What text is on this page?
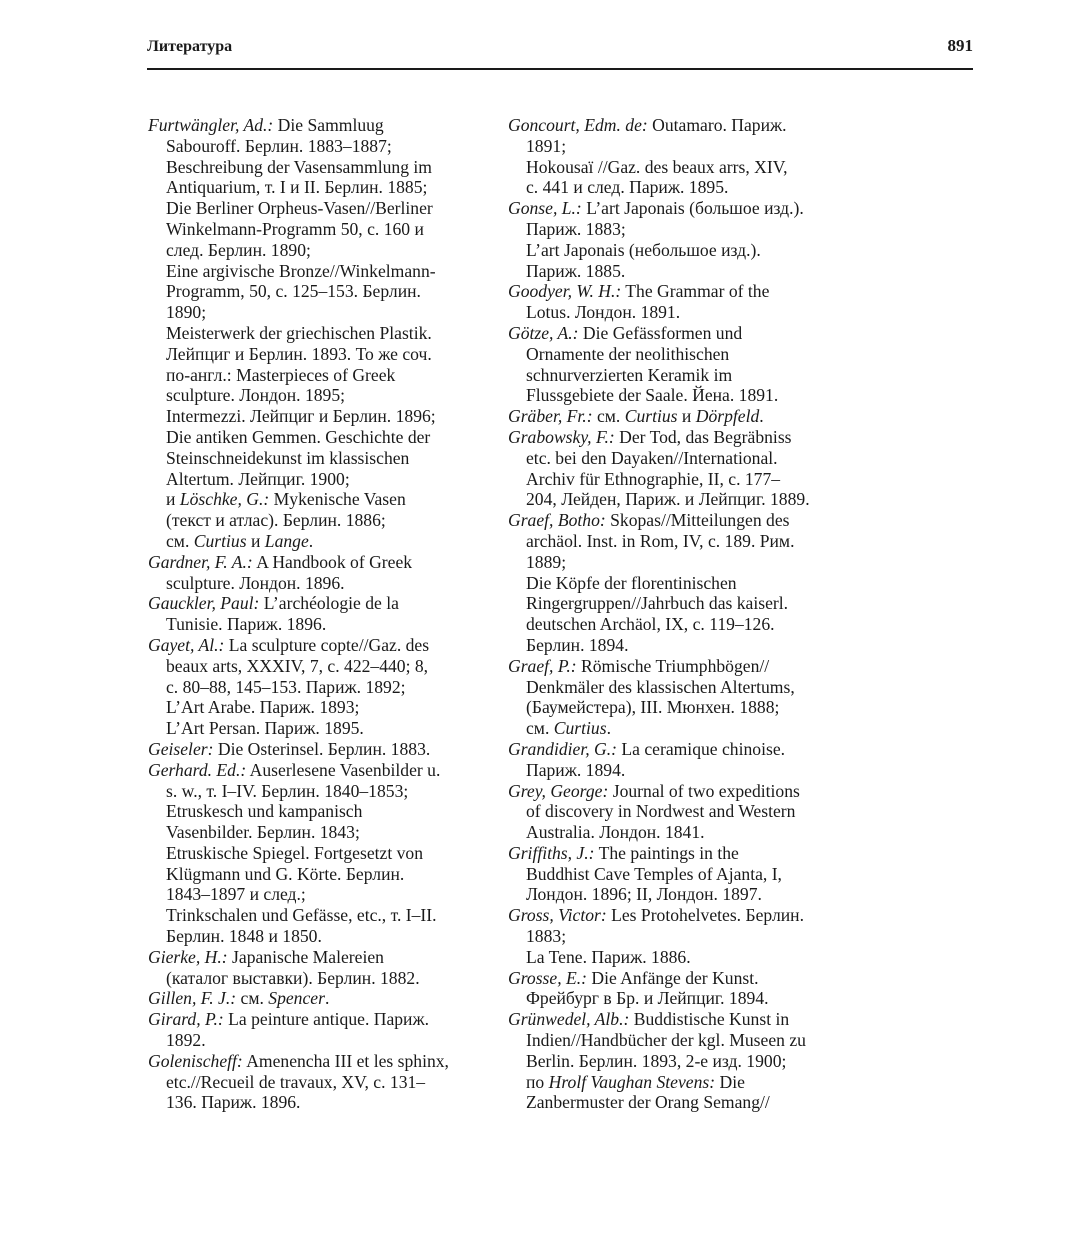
Литература	891
Furtwängler, Ad.: Die Sammluug
Sabouroff. Берлин. 1883–1887;
Beschreibung der Vasensammlung im
Antiquarium, т. I и II. Берлин. 1885;
Die Berliner Orpheus-Vasen//Berliner
Winkelmann-Programm 50, с. 160 и
след. Берлин. 1890;
Eine argivische Bronze//Winkelmann-
Programm, 50, с. 125–153. Берлин.
1890;
Meisterwerk der griechischen Plastik.
Лейпциг и Берлин. 1893. То же соч.
по-англ.: Masterpieces of Greek
sculpture. Лондон. 1895;
Intermezzi. Лейпциг и Берлин. 1896;
Die antiken Gemmen. Geschichte der
Steinschneidekunst im klassischen
Altertum. Лейпциг. 1900;
и Löschke, G.: Mykenische Vasen
(текст и атлас). Берлин. 1886;
см. Curtius и Lange.
Gardner, F. A.: A Handbook of Greek
sculpture. Лондон. 1896.
Gauckler, Paul: L’archéologie de la
Tunisie. Париж. 1896.
Gayet, Al.: La sculpture copte//Gaz. des
beaux arts, XXXIV, 7, с. 422–440; 8,
с. 80–88, 145–153. Париж. 1892;
L’Art Arabe. Париж. 1893;
L’Art Persan. Париж. 1895.
Geiseler: Die Osterinsel. Берлин. 1883.
Gerhard. Ed.: Auserlesene Vasenbilder u.
s. w., т. I–IV. Берлин. 1840–1853;
Etruskesch und kampanisch
Vasenbilder. Берлин. 1843;
Etruskische Spiegel. Fortgesetzt von
Klügmann und G. Körte. Берлин.
1843–1897 и след.;
Trinkschalen und Gefässe, etc., т. I–II.
Берлин. 1848 и 1850.
Gierke, H.: Japanische Malereien
(каталог выставки). Берлин. 1882.
Gillen, F. J.: см. Spencer.
Girard, P.: La peinture antique. Париж.
1892.
Golenischeff: Amenencha III et les sphinx,
etc.//Recueil de travaux, XV, с. 131–
136. Париж. 1896.
Goncourt, Edm. de: Outamaro. Париж.
1891;
Hokousaï //Gaz. des beaux arrs, XIV,
с. 441 и след. Париж. 1895.
Gonse, L.: L’art Japonais (большое изд.).
Париж. 1883;
L’art Japonais (небольшое изд.).
Париж. 1885.
Goodyer, W. H.: The Grammar of the
Lotus. Лондон. 1891.
Götze, A.: Die Gefässformen und
Ornamente der neolithischen
schnurverzierten Keramik im
Flussgebiete der Saale. Йена. 1891.
Gräber, Fr.: см. Curtius и Dörpfeld.
Grabowsky, F.: Der Tod, das Begräbniss
etc. bei den Dayaken//International.
Archiv für Ethnographie, II, с. 177–
204, Лейден, Париж. и Лейпциг. 1889.
Graef, Botho: Skopas//Mitteilungen des
archäol. Inst. in Rom, IV, с. 189. Рим.
1889;
Die Köpfe der florentinischen
Ringergruppen//Jahrbuch das kaiserl.
deutschen Archäol, IX, с. 119–126.
Берлин. 1894.
Graef, P.: Römische Triumphbögen//
Denkmäler des klassischen Altertums,
(Баумейстера), III. Мюнхен. 1888;
см. Curtius.
Grandidier, G.: La ceramique chinoise.
Париж. 1894.
Grey, George: Journal of two expeditions
of discovery in Nordwest and Western
Australia. Лондон. 1841.
Griffiths, J.: The paintings in the
Buddhist Cave Temples of Ajanta, I,
Лондон. 1896; II, Лондон. 1897.
Gross, Victor: Les Protohelvetes. Берлин.
1883;
La Tene. Париж. 1886.
Grosse, E.: Die Anfänge der Kunst.
Фрейбург в Бр. и Лейпциг. 1894.
Grünwedel, Alb.: Buddistische Kunst in
Indien//Handbücher der kgl. Museen zu
Berlin. Берлин. 1893, 2-е изд. 1900;
по Hrolf Vaughan Stevens: Die
Zanbermuster der Orang Semang//
